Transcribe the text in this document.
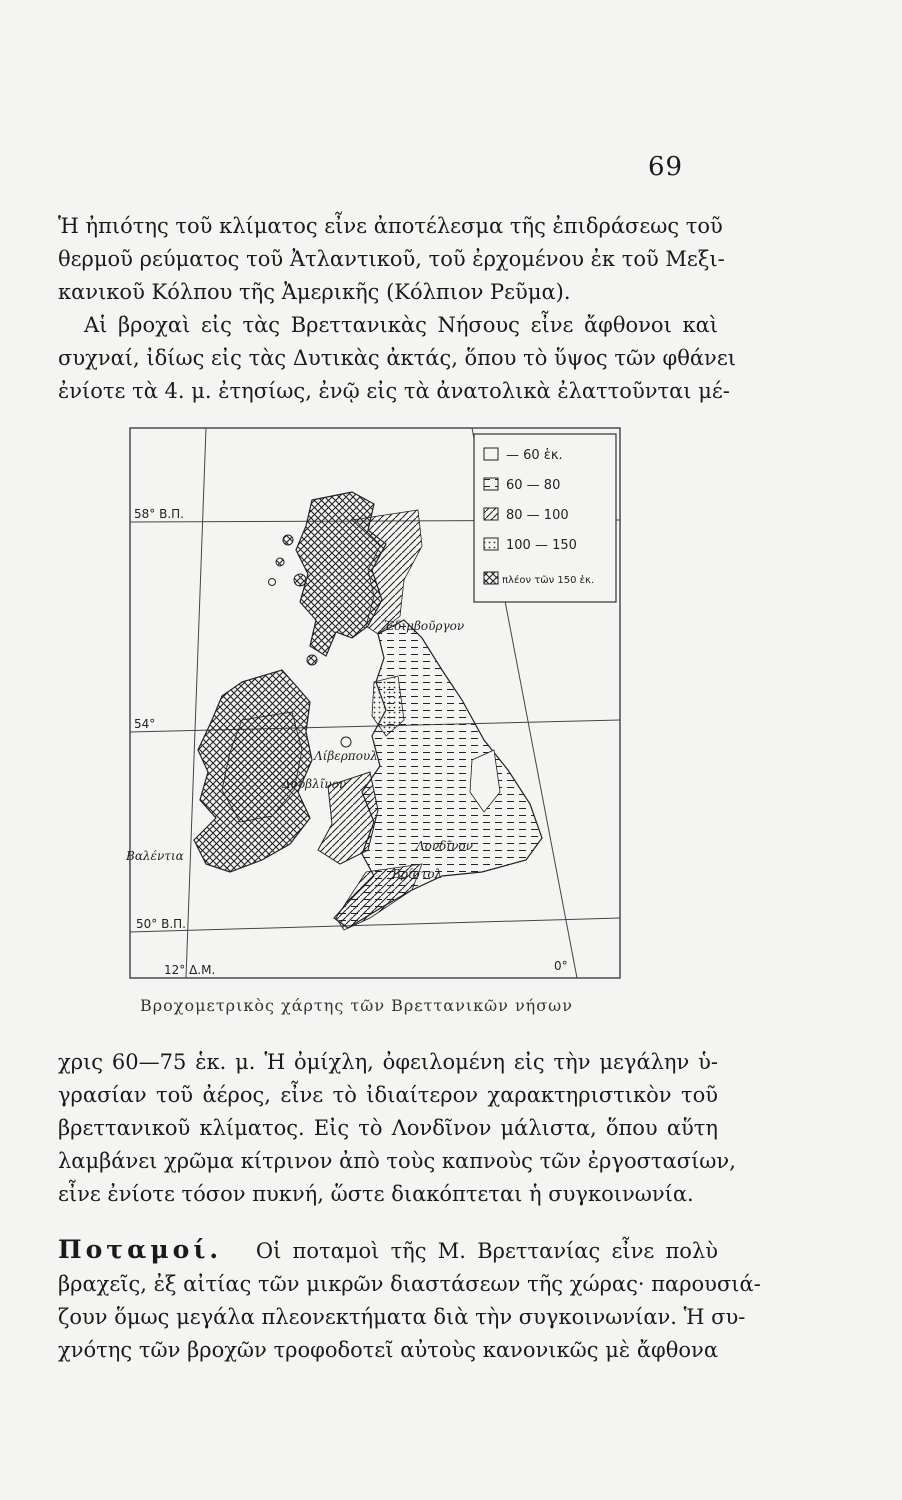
69
Ἡ ἠπιότης τοῦ κλίματος εἶνε ἀποτέλεσμα τῆς ἐπιδράσεως τοῦ
θερμοῦ ρεύματος τοῦ Ἀτλαντικοῦ, τοῦ ἐρχομένου ἐκ τοῦ Μεξι-
κανικοῦ Κόλπου τῆς Ἀμερικῆς (Κόλπιον Ρεῦμα).
Αἱ βροχαὶ εἰς τὰς Βρεττανικὰς Νήσους εἶνε ἄφθονοι καὶ
συχναί, ἰδίως εἰς τὰς Δυτικὰς ἀκτάς, ὅπου τὸ ὕψος τῶν φθάνει
ἐνίοτε τὰ 4. μ. ἐτησίως, ἐνῷ εἰς τὰ ἀνατολικὰ ἐλαττοῦνται μέ-
— 60 ἑκ.
60 — 80
80 — 100
100 — 150
πλέον τῶν 150 ἑκ.
58° Β.Π.
54°
50° Β.Π.
12° Δ.Μ.	0°
Ἐδιμβοῦργον
Λίβερπουλ
Δουβλῖνον
Λονδῖνον
Βρίστολ
Βαλέντια
Βροχομετρικὸς χάρτης τῶν Βρεττανικῶν νήσων
χρις 60—75 ἑκ. μ. Ἡ ὀμίχλη, ὀφειλομένη εἰς τὴν μεγάλην ὑ-
γρασίαν τοῦ ἀέρος, εἶνε τὸ ἰδιαίτερον χαρακτηριστικὸν τοῦ
βρεττανικοῦ κλίματος. Εἰς τὸ Λονδῖνον μάλιστα, ὅπου αὕτη
λαμβάνει χρῶμα κίτρινον ἀπὸ τοὺς καπνοὺς τῶν ἐργοστασίων,
εἶνε ἐνίοτε τόσον πυκνή, ὥστε διακόπτεται ἡ συγκοινωνία.
Ποταμοί. Οἱ ποταμοὶ τῆς Μ. Βρεττανίας εἶνε πολὺ
βραχεῖς, ἐξ αἰτίας τῶν μικρῶν διαστάσεων τῆς χώρας· παρουσιά-
ζουν ὅμως μεγάλα πλεονεκτήματα διὰ τὴν συγκοινωνίαν. Ἡ συ-
χνότης τῶν βροχῶν τροφοδοτεῖ αὐτοὺς κανονικῶς μὲ ἄφθονα
